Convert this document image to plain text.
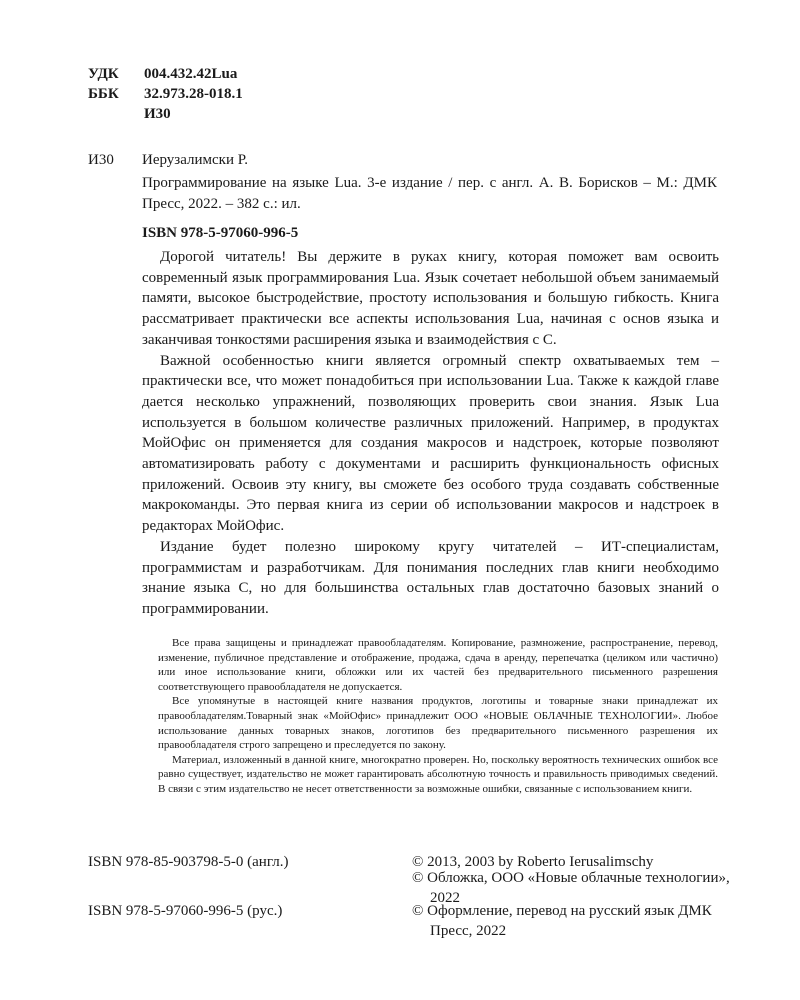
УДК 004.432.42Lua
ББК 32.973.28-018.1
И30
И30 Иерузалимски Р.
Программирование на языке Lua. 3-е издание / пер. с англ. А. В. Борисков – М.: ДМК Пресс, 2022. – 382 с.: ил.
ISBN 978-5-97060-996-5

Дорогой читатель! Вы держите в руках книгу, которая поможет вам освоить современный язык программирования Lua. Язык сочетает небольшой объем занимаемый памяти, высокое быстродействие, простоту использования и большую гибкость. Книга рассматривает практически все аспекты использования Lua, начиная с основ языка и заканчивая тонкостями расширения языка и взаимодействия с C.

Важной особенностью книги является огромный спектр охватываемых тем – практически все, что может понадобиться при использовании Lua. Также к каждой главе дается несколько упражнений, позволяющих проверить свои знания. Язык Lua используется в большом количестве различных приложений. Например, в продуктах МойОфис он применяется для создания макросов и надстроек, которые позволяют автоматизировать работу с документами и расширить функциональность офисных приложений. Освоив эту книгу, вы сможете без особого труда создавать собственные макрокоманды. Это первая книга из серии об использовании макросов и надстроек в редакторах МойОфис.

Издание будет полезно широкому кругу читателей – ИТ-специалистам, программистам и разработчикам. Для понимания последних глав книги необходимо знание языка C, но для большинства остальных глав достаточно базовых знаний о программировании.

Все права защищены и принадлежат правообладателям. Копирование, размножение, распространение, перевод, изменение, публичное представление и отображение, продажа, сдача в аренду, перепечатка (целиком или частично) или иное использование книги, обложки или их частей без предварительного письменного разрешения соответствующего правообладателя не допускается.

Все упомянутые в настоящей книге названия продуктов, логотипы и товарные знаки принадлежат их правообладателям.Товарный знак «МойОфис» принадлежит ООО «НОВЫЕ ОБЛАЧНЫЕ ТЕХНОЛОГИИ». Любое использование данных товарных знаков, логотипов без предварительного письменного разрешения их правообладателя строго запрещено и преследуется по закону.

Материал, изложенный в данной книге, многократно проверен. Но, поскольку вероятность технических ошибок все равно существует, издательство не может гарантировать абсолютную точность и правильность приводимых сведений. В связи с этим издательство не несет ответственности за возможные ошибки, связанные с использованием книги.

ISBN 978-85-903798-5-0 (англ.)
ISBN 978-5-97060-996-5 (рус.)
© 2013, 2003 by Roberto Ierusalimschy
© Обложка, ООО «Новые облачные технологии», 2022
© Оформление, перевод на русский язык ДМК Пресс, 2022
